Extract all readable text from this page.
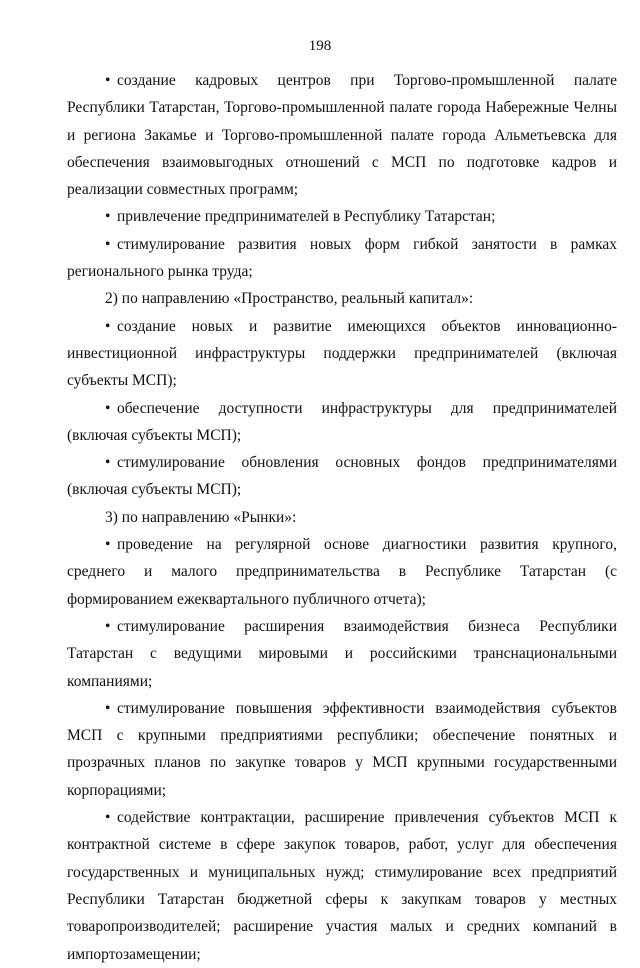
198

• создание кадровых центров при Торгово-промышленной палате Республики Татарстан, Торгово-промышленной палате города Набережные Челны и региона Закамье и Торгово-промышленной палате города Альметьевска для обеспечения взаимовыгодных отношений с МСП по подготовке кадров и реализации совместных программ;

• привлечение предпринимателей в Республику Татарстан;

• стимулирование развития новых форм гибкой занятости в рамках регионального рынка труда;

2) по направлению «Пространство, реальный капитал»:

• создание новых и развитие имеющихся объектов инновационно-инвестиционной инфраструктуры поддержки предпринимателей (включая субъекты МСП);

• обеспечение доступности инфраструктуры для предпринимателей (включая субъекты МСП);

• стимулирование обновления основных фондов предпринимателями (включая субъекты МСП);

3) по направлению «Рынки»:

• проведение на регулярной основе диагностики развития крупного, среднего и малого предпринимательства в Республике Татарстан (с формированием ежеквартального публичного отчета);

• стимулирование расширения взаимодействия бизнеса Республики Татарстан с ведущими мировыми и российскими транснациональными компаниями;

• стимулирование повышения эффективности взаимодействия субъектов МСП с крупными предприятиями республики; обеспечение понятных и прозрачных планов по закупке товаров у МСП крупными государственными корпорациями;

• содействие контрактации, расширение привлечения субъектов МСП к контрактной системе в сфере закупок товаров, работ, услуг для обеспечения государственных и муниципальных нужд; стимулирование всех предприятий Республики Татарстан бюджетной сферы к закупкам товаров у местных товаропроизводителей; расширение участия малых и средних компаний в импортозамещении;
